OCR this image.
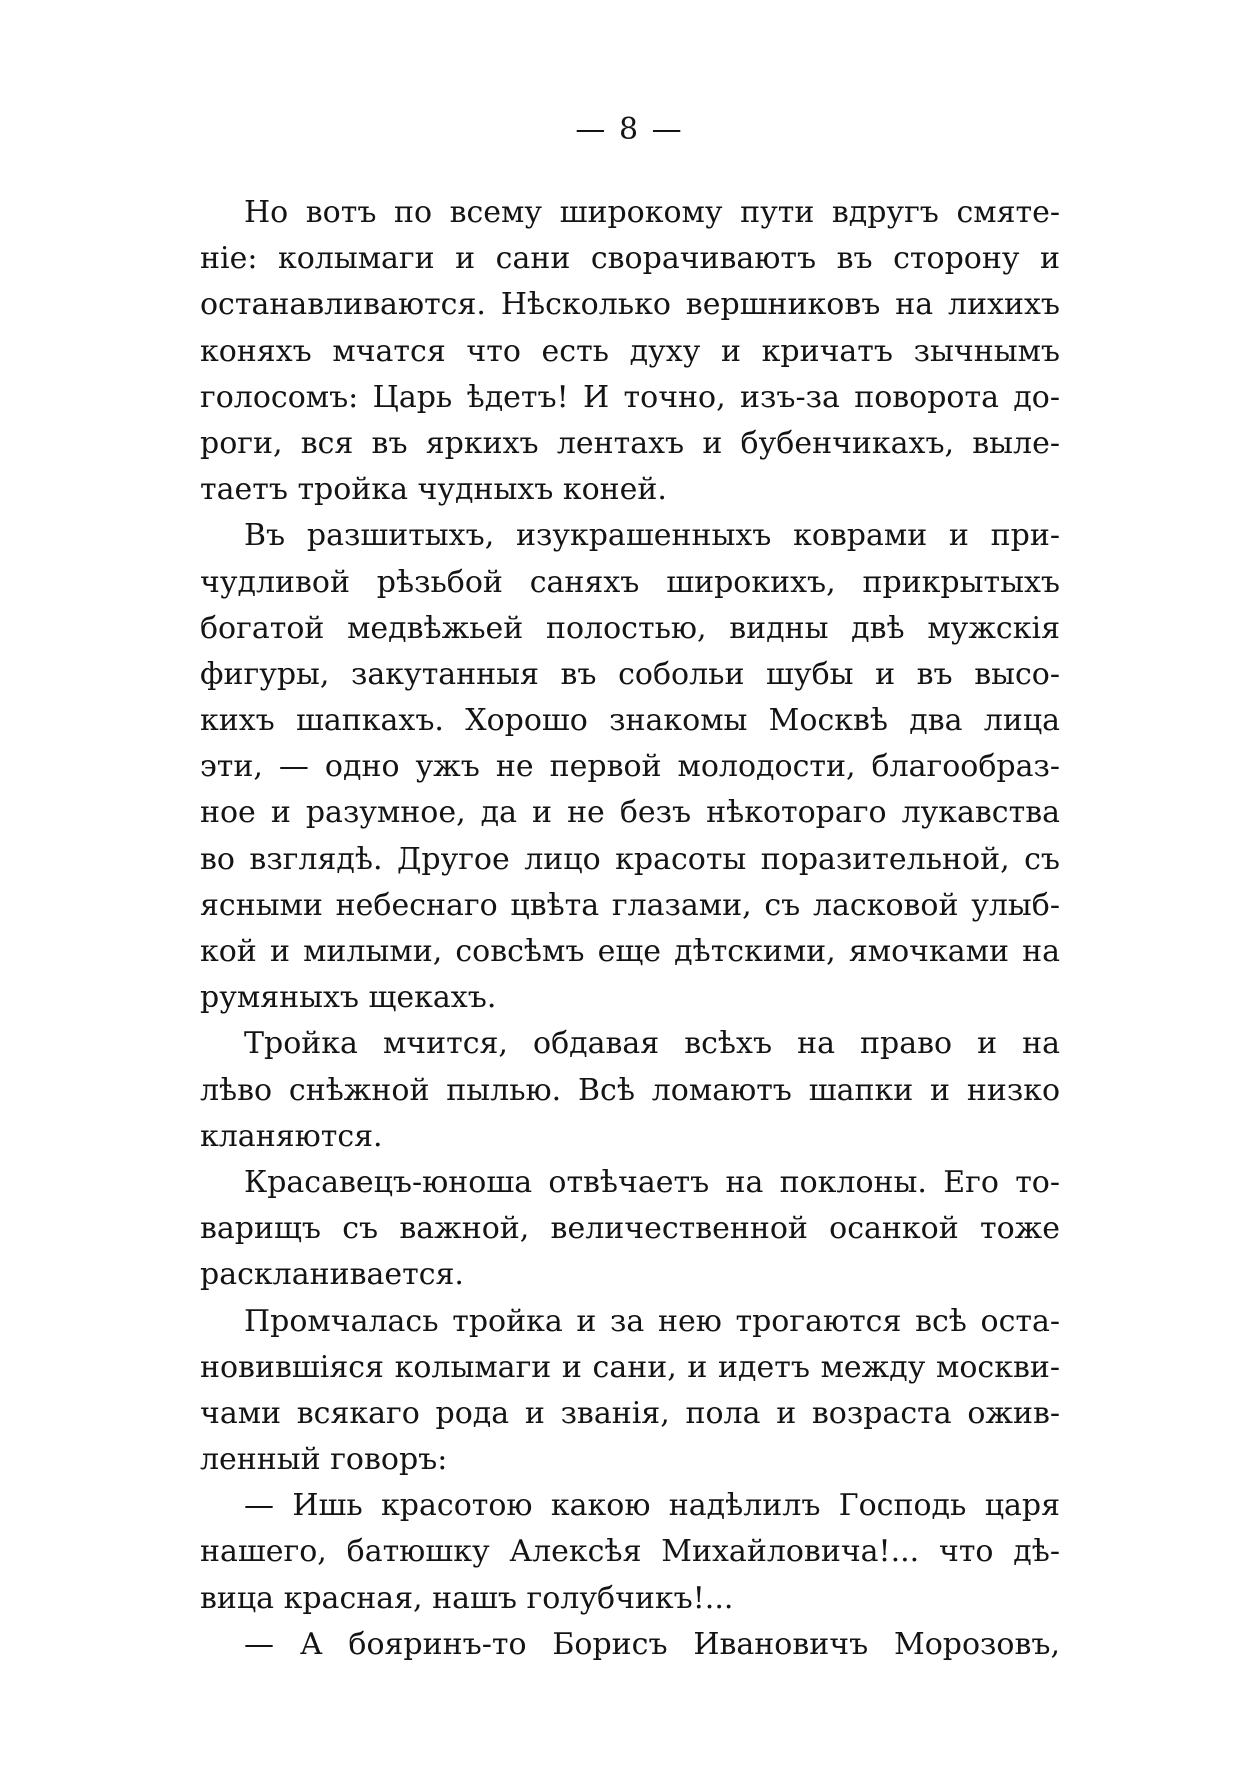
— 8 —
Но вотъ по всему широкому пути вдругъ смяте-
ніе: колымаги и сани сворачиваютъ въ сторону и
останавливаются. Нѣсколько вершниковъ на лихихъ
коняхъ мчатся что есть духу и кричатъ зычнымъ
голосомъ: Царь ѣдетъ! И точно, изъ-за поворота до-
роги, вся въ яркихъ лентахъ и бубенчикахъ, выле-
таетъ тройка чудныхъ коней.
Въ разшитыхъ, изукрашенныхъ коврами и при-
чудливой рѣзьбой саняхъ широкихъ, прикрытыхъ
богатой медвѣжьей полостью, видны двѣ мужскія
фигуры, закутанныя въ собольи шубы и въ высо-
кихъ шапкахъ. Хорошо знакомы Москвѣ два лица
эти, — одно ужъ не первой молодости, благообраз-
ное и разумное, да и не безъ нѣкотораго лукавства
во взглядѣ. Другое лицо красоты поразительной, съ
ясными небеснаго цвѣта глазами, съ ласковой улыб-
кой и милыми, совсѣмъ еще дѣтскими, ямочками на
румяныхъ щекахъ.
Тройка мчится, обдавая всѣхъ на право и на
лѣво снѣжной пылью. Всѣ ломаютъ шапки и низко
кланяются.
Красавецъ-юноша отвѣчаетъ на поклоны. Его то-
варищъ съ важной, величественной осанкой тоже
раскланивается.
Промчалась тройка и за нею трогаются всѣ оста-
новившіяся колымаги и сани, и идетъ между москви-
чами всякаго рода и званія, пола и возраста ожив-
ленный говоръ:
— Ишь красотою какою надѣлилъ Господь царя
нашего, батюшку Алексѣя Михайловича!... что дѣ-
вица красная, нашъ голубчикъ!...
— А бояринъ-то Борисъ Ивановичъ Морозовъ,
